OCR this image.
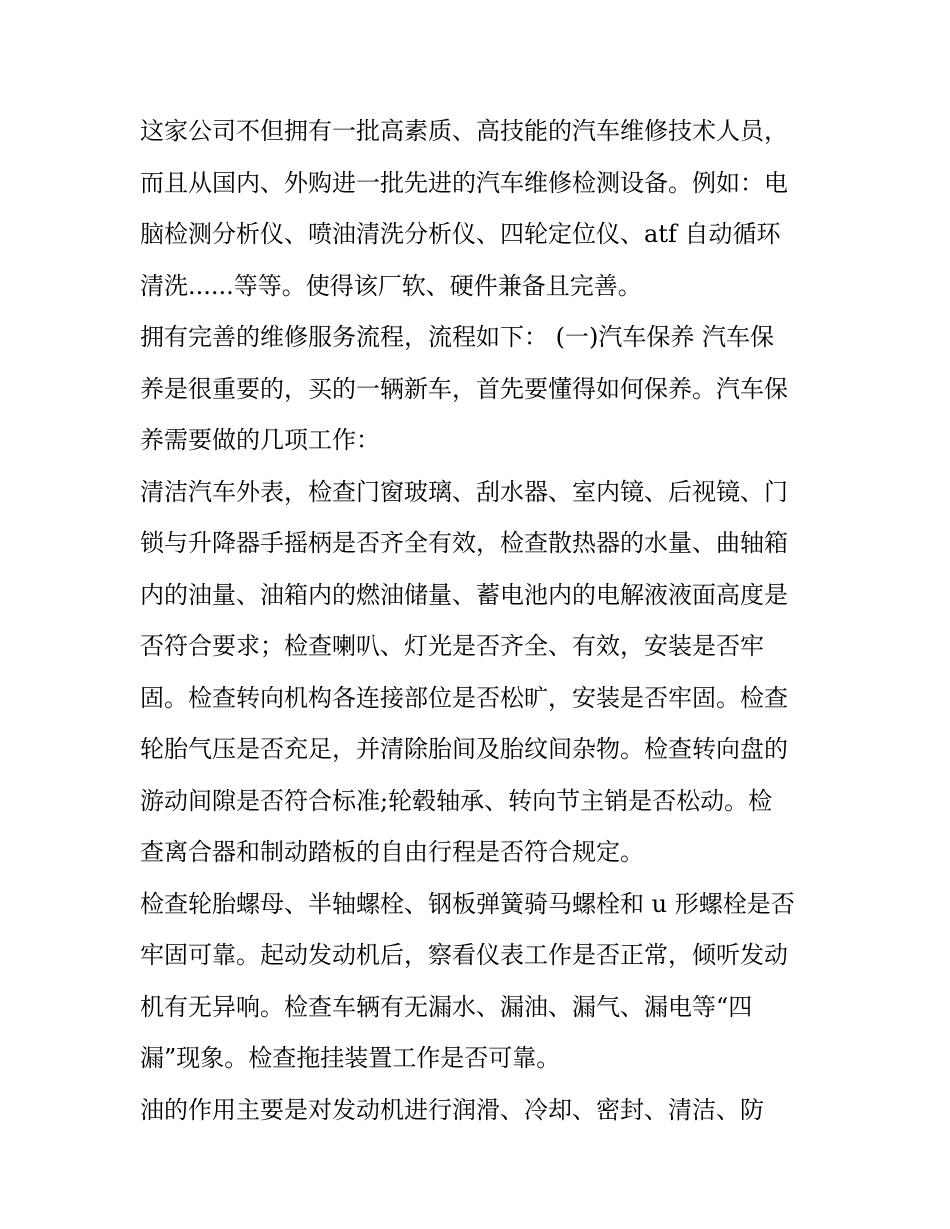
这家公司不但拥有一批高素质、高技能的汽车维修技术人员，
而且从国内、外购进一批先进的汽车维修检测设备。例如：电
脑检测分析仪、喷油清洗分析仪、四轮定位仪、atf 自动循环
清洗......等等。使得该厂软、硬件兼备且完善。
拥有完善的维修服务流程，流程如下： (一)汽车保养 汽车保
养是很重要的，买的一辆新车，首先要懂得如何保养。汽车保
养需要做的几项工作：
清洁汽车外表，检查门窗玻璃、刮水器、室内镜、后视镜、门
锁与升降器手摇柄是否齐全有效，检查散热器的水量、曲轴箱
内的油量、油箱内的燃油储量、蓄电池内的电解液液面高度是
否符合要求；检查喇叭、灯光是否齐全、有效，安装是否牢
固。检查转向机构各连接部位是否松旷，安装是否牢固。检查
轮胎气压是否充足，并清除胎间及胎纹间杂物。检查转向盘的
游动间隙是否符合标准;轮毂轴承、转向节主销是否松动。检
查离合器和制动踏板的自由行程是否符合规定。
检查轮胎螺母、半轴螺栓、钢板弹簧骑马螺栓和 u 形螺栓是否
牢固可靠。起动发动机后，察看仪表工作是否正常，倾听发动
机有无异响。检查车辆有无漏水、漏油、漏气、漏电等“四
漏”现象。检查拖挂装置工作是否可靠。
油的作用主要是对发动机进行润滑、冷却、密封、清洁、防
